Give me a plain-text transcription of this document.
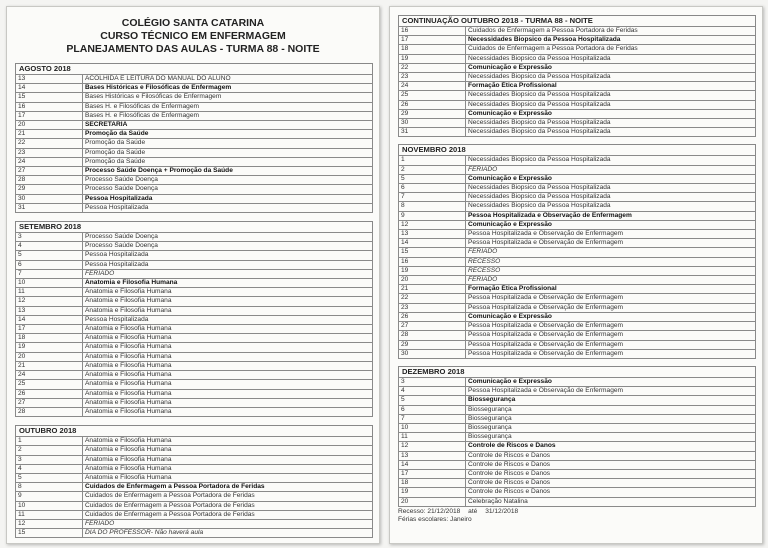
COLÉGIO SANTA CATARINA
CURSO TÉCNICO EM ENFERMAGEM
PLANEJAMENTO DAS AULAS - TURMA 88 - NOITE
AGOSTO 2018
13	ACOLHIDA E LEITURA DO MANUAL DO ALUNO
14	Bases Históricas e Filosóficas de Enfermagem
15	Bases Históricas e Filosóficas de Enfermagem
16	Bases H. e Filosóficas de Enfermagem
17	Bases H. e Filosóficas de Enfermagem
20	SECRETARIA
21	Promoção da Saúde
22	Promoção da Saúde
23	Promoção da Saúde
24	Promoção da Saúde
27	Processo Saúde Doença + Promoção da Saúde
28	Processo Saúde Doença
29	Processo Saúde Doença
30	Pessoa Hospitalizada
31	Pessoa Hospitalizada
SETEMBRO 2018
3	Processo Saúde Doença
4	Processo Saúde Doença
5	Pessoa Hospitalizada
6	Pessoa Hospitalizada
7	FERIADO
10	Anatomia e Filosofia Humana
11	Anatomia e Filosofia Humana
12	Anatomia e Filosofia Humana
13	Anatomia e Filosofia Humana
14	Pessoa Hospitalizada
17	Anatomia e Filosofia Humana
18	Anatomia e Filosofia Humana
19	Anatomia e Filosofia Humana
20	Anatomia e Filosofia Humana
21	Anatomia e Filosofia Humana
24	Anatomia e Filosofia Humana
25	Anatomia e Filosofia Humana
26	Anatomia e Filosofia Humana
27	Anatomia e Filosofia Humana
28	Anatomia e Filosofia Humana
OUTUBRO 2018
1	Anatomia e Filosofia Humana
2	Anatomia e Filosofia Humana
3	Anatomia e Filosofia Humana
4	Anatomia e Filosofia Humana
5	Anatomia e Filosofia Humana
8	Cuidados de Enfermagem a Pessoa Portadora de Feridas
9	Cuidados de Enfermagem a Pessoa Portadora de Feridas
10	Cuidados de Enfermagem a Pessoa Portadora de Feridas
11	Cuidados de Enfermagem a Pessoa Portadora de Feridas
12	FERIADO
15	DIA DO PROFESSOR- Não haverá aula
CONTINUAÇÃO OUTUBRO 2018 - TURMA 88 - NOITE
16	Cuidados de Enfermagem a Pessoa Portadora de Feridas
17	Necessidades Biopsico da Pessoa Hospitalizada
18	Cuidados de Enfermagem a Pessoa Portadora de Feridas
19	Necessidades Biopsico da Pessoa Hospitalizada
22	Comunicação e Expressão
23	Necessidades Biopsico da Pessoa Hospitalizada
24	Formação Ética Profissional
25	Necessidades Biopsico da Pessoa Hospitalizada
26	Necessidades Biopsico da Pessoa Hospitalizada
29	Comunicação e Expressão
30	Necessidades Biopsico da Pessoa Hospitalizada
31	Necessidades Biopsico da Pessoa Hospitalizada
NOVEMBRO 2018
1	Necessidades Biopsico da Pessoa Hospitalizada
2	FERIADO
5	Comunicação e Expressão
6	Necessidades Biopsico da Pessoa Hospitalizada
7	Necessidades Biopsico da Pessoa Hospitalizada
8	Necessidades Biopsico da Pessoa Hospitalizada
9	Pessoa Hospitalizada e Observação de Enfermagem
12	Comunicação e Expressão
13	Pessoa Hospitalizada e Observação de Enfermagem
14	Pessoa Hospitalizada e Observação de Enfermagem
15	FERIADO
16	RECESSO
19	RECESSO
20	FERIADO
21	Formação Ética Profissional
22	Pessoa Hospitalizada e Observação de Enfermagem
23	Pessoa Hospitalizada e Observação de Enfermagem
26	Comunicação e Expressão
27	Pessoa Hospitalizada e Observação de Enfermagem
28	Pessoa Hospitalizada e Observação de Enfermagem
29	Pessoa Hospitalizada e Observação de Enfermagem
30	Pessoa Hospitalizada e Observação de Enfermagem
DEZEMBRO 2018
3	Comunicação e Expressão
4	Pessoa Hospitalizada e Observação de Enfermagem
5	Biossegurança
6	Biossegurança
7	Biossegurança
10	Biossegurança
11	Biossegurança
12	Controle de Riscos e Danos
13	Controle de Riscos e Danos
14	Controle de Riscos e Danos
17	Controle de Riscos e Danos
18	Controle de Riscos e Danos
19	Controle de Riscos e Danos
20	Celebração Natalina
Recesso: 21/12/2018 até 31/12/2018
Férias escolares: Janeiro
